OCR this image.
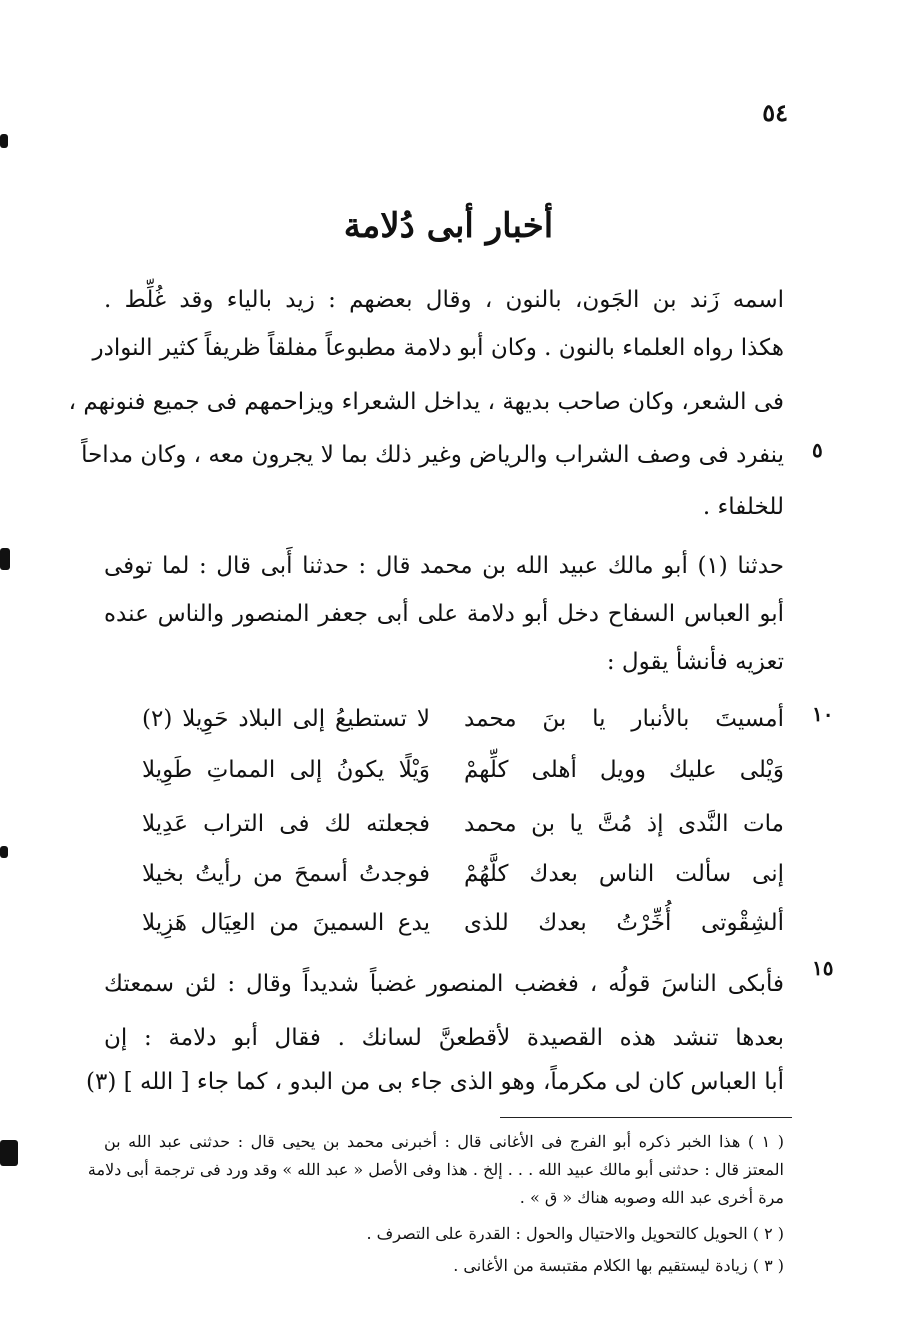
٥٤
أخبار أبى دُلامة
اسمه زَند بن الجَون، بالنون ، وقال بعضهم : زيد بالياء وقد غُلِّط .
هكذا رواه العلماء بالنون . وكان أبو دلامة مطبوعاً مفلقاً ظريفاً كثير النوادر
فى الشعر، وكان صاحب بديهة ، يداخل الشعراء ويزاحمهم فى جميع فنونهم ،
ينفرد فى وصف الشراب والرياض وغير ذلك بما لا يجرون معه ، وكان مداحاً
للخلفاء .
حدثنا (١) أبو مالك عبيد الله بن محمد قال : حدثنا أَبى قال : لما توفى
أبو العباس السفاح دخل أبو دلامة على أبى جعفر المنصور والناس عنده
تعزيه فأنشأ يقول :
أمسيتَ بالأنبار يا بنَ محمد
لا تستطيعُ إلى البلاد حَوِيلا (٢)
وَيْلى عليك وويل أهلى كلِّهمْ
وَيْلًا يكونُ إلى المماتِ طَوِيلا
مات النَّدى إذ مُتَّ يا بن محمد
فجعلته لك فى التراب عَدِيلا
إنى سألت الناس بعدك كلَّهُمْ
فوجدتُ أسمحَ من رأيتُ بخيلا
ألشِقْوتى أُخِّرْتُ بعدك للذى
يدع السمينَ من العِيَال هَزِيلا
فأبكى الناسَ قولُه ، فغضب المنصور غضباً شديداً وقال : لئن سمعتك
بعدها تنشد هذه القصيدة لأقطعنَّ لسانك . فقال أبو دلامة : إن
أبا العباس كان لى مكرماً، وهو الذى جاء بى من البدو ، كما جاء [ الله ] (٣)
٥
١٠
١٥
( ١ ) هذا الخبر ذكره أبو الفرج فى الأغانى قال : أخبرنى محمد بن يحيى قال : حدثنى عبد الله بن
المعتز قال : حدثنى أبو مالك عبيد الله . . . إلخ . هذا وفى الأصل « عبد الله » وقد ورد فى ترجمة أبى دلامة
مرة أخرى عبد الله وصوبه هناك « ق » .
( ٢ ) الحويل كالتحويل والاحتيال والحول : القدرة على التصرف .
( ٣ ) زيادة ليستقيم بها الكلام مقتبسة من الأغانى .
